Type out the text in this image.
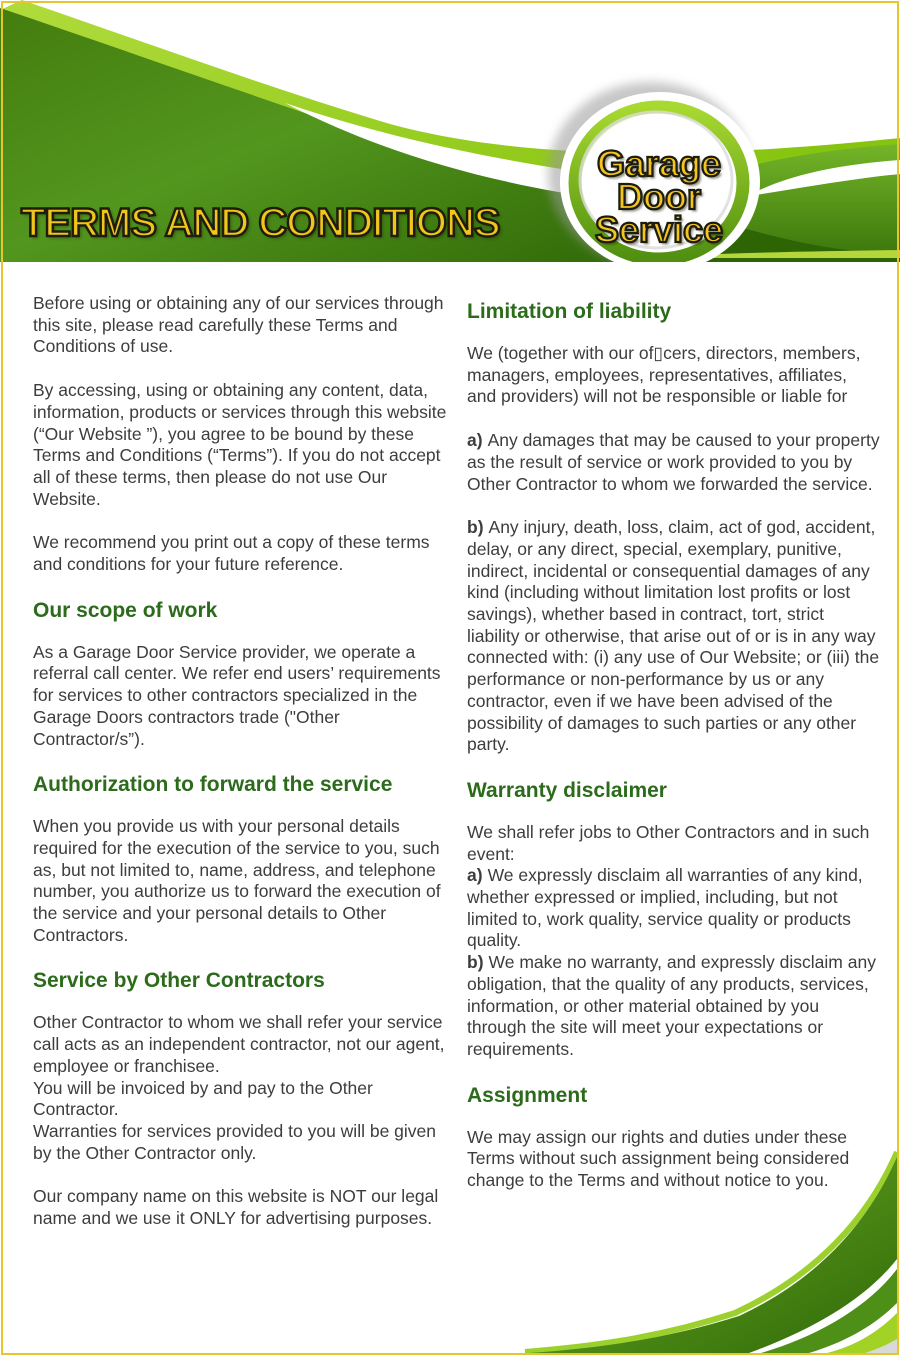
TERMS AND CONDITIONS
Garage
Door
Service

Before using or obtaining any of our services through this site, please read carefully these Terms and Conditions of use.

By accessing, using or obtaining any content, data, information, products or services through this website (“Our Website ”), you agree to be bound by these Terms and Conditions (“Terms”). If you do not accept all of these terms, then please do not use Our Website.

We recommend you print out a copy of these terms and conditions for your future reference.

Our scope of work

As a Garage Door Service provider, we operate a referral call center. We refer end users’ requirements for services to other contractors specialized in the Garage Doors contractors trade ("Other Contractor/s”).

Authorization to forward the service

When you provide us with your personal details required for the execution of the service to you, such as, but not limited to, name, address, and telephone number, you authorize us to forward the execution of the service and your personal details to Other Contractors.

Service by Other Contractors

Other Contractor to whom we shall refer your service call acts as an independent contractor, not our agent, employee or franchisee.
You will be invoiced by and pay to the Other Contractor.
Warranties for services provided to you will be given by the Other Contractor only.

Our company name on this website is NOT our legal name and we use it ONLY for advertising purposes.

Limitation of liability

We (together with our of▯cers, directors, members, managers, employees, representatives, affiliates, and providers) will not be responsible or liable for

a) Any damages that may be caused to your property as the result of service or work provided to you by Other Contractor to whom we forwarded the service.

b) Any injury, death, loss, claim, act of god, accident, delay, or any direct, special, exemplary, punitive, indirect, incidental or consequential damages of any kind (including without limitation lost profits or lost savings), whether based in contract, tort, strict liability or otherwise, that arise out of or is in any way connected with: (i) any use of Our Website; or (iii) the performance or non-performance by us or any contractor, even if we have been advised of the possibility of damages to such parties or any other party.

Warranty disclaimer

We shall refer jobs to Other Contractors and in such event:
a) We expressly disclaim all warranties of any kind, whether expressed or implied, including, but not limited to, work quality, service quality or products quality.
b) We make no warranty, and expressly disclaim any obligation, that the quality of any products, services, information, or other material obtained by you through the site will meet your expectations or requirements.

Assignment

We may assign our rights and duties under these Terms without such assignment being considered change to the Terms and without notice to you.
